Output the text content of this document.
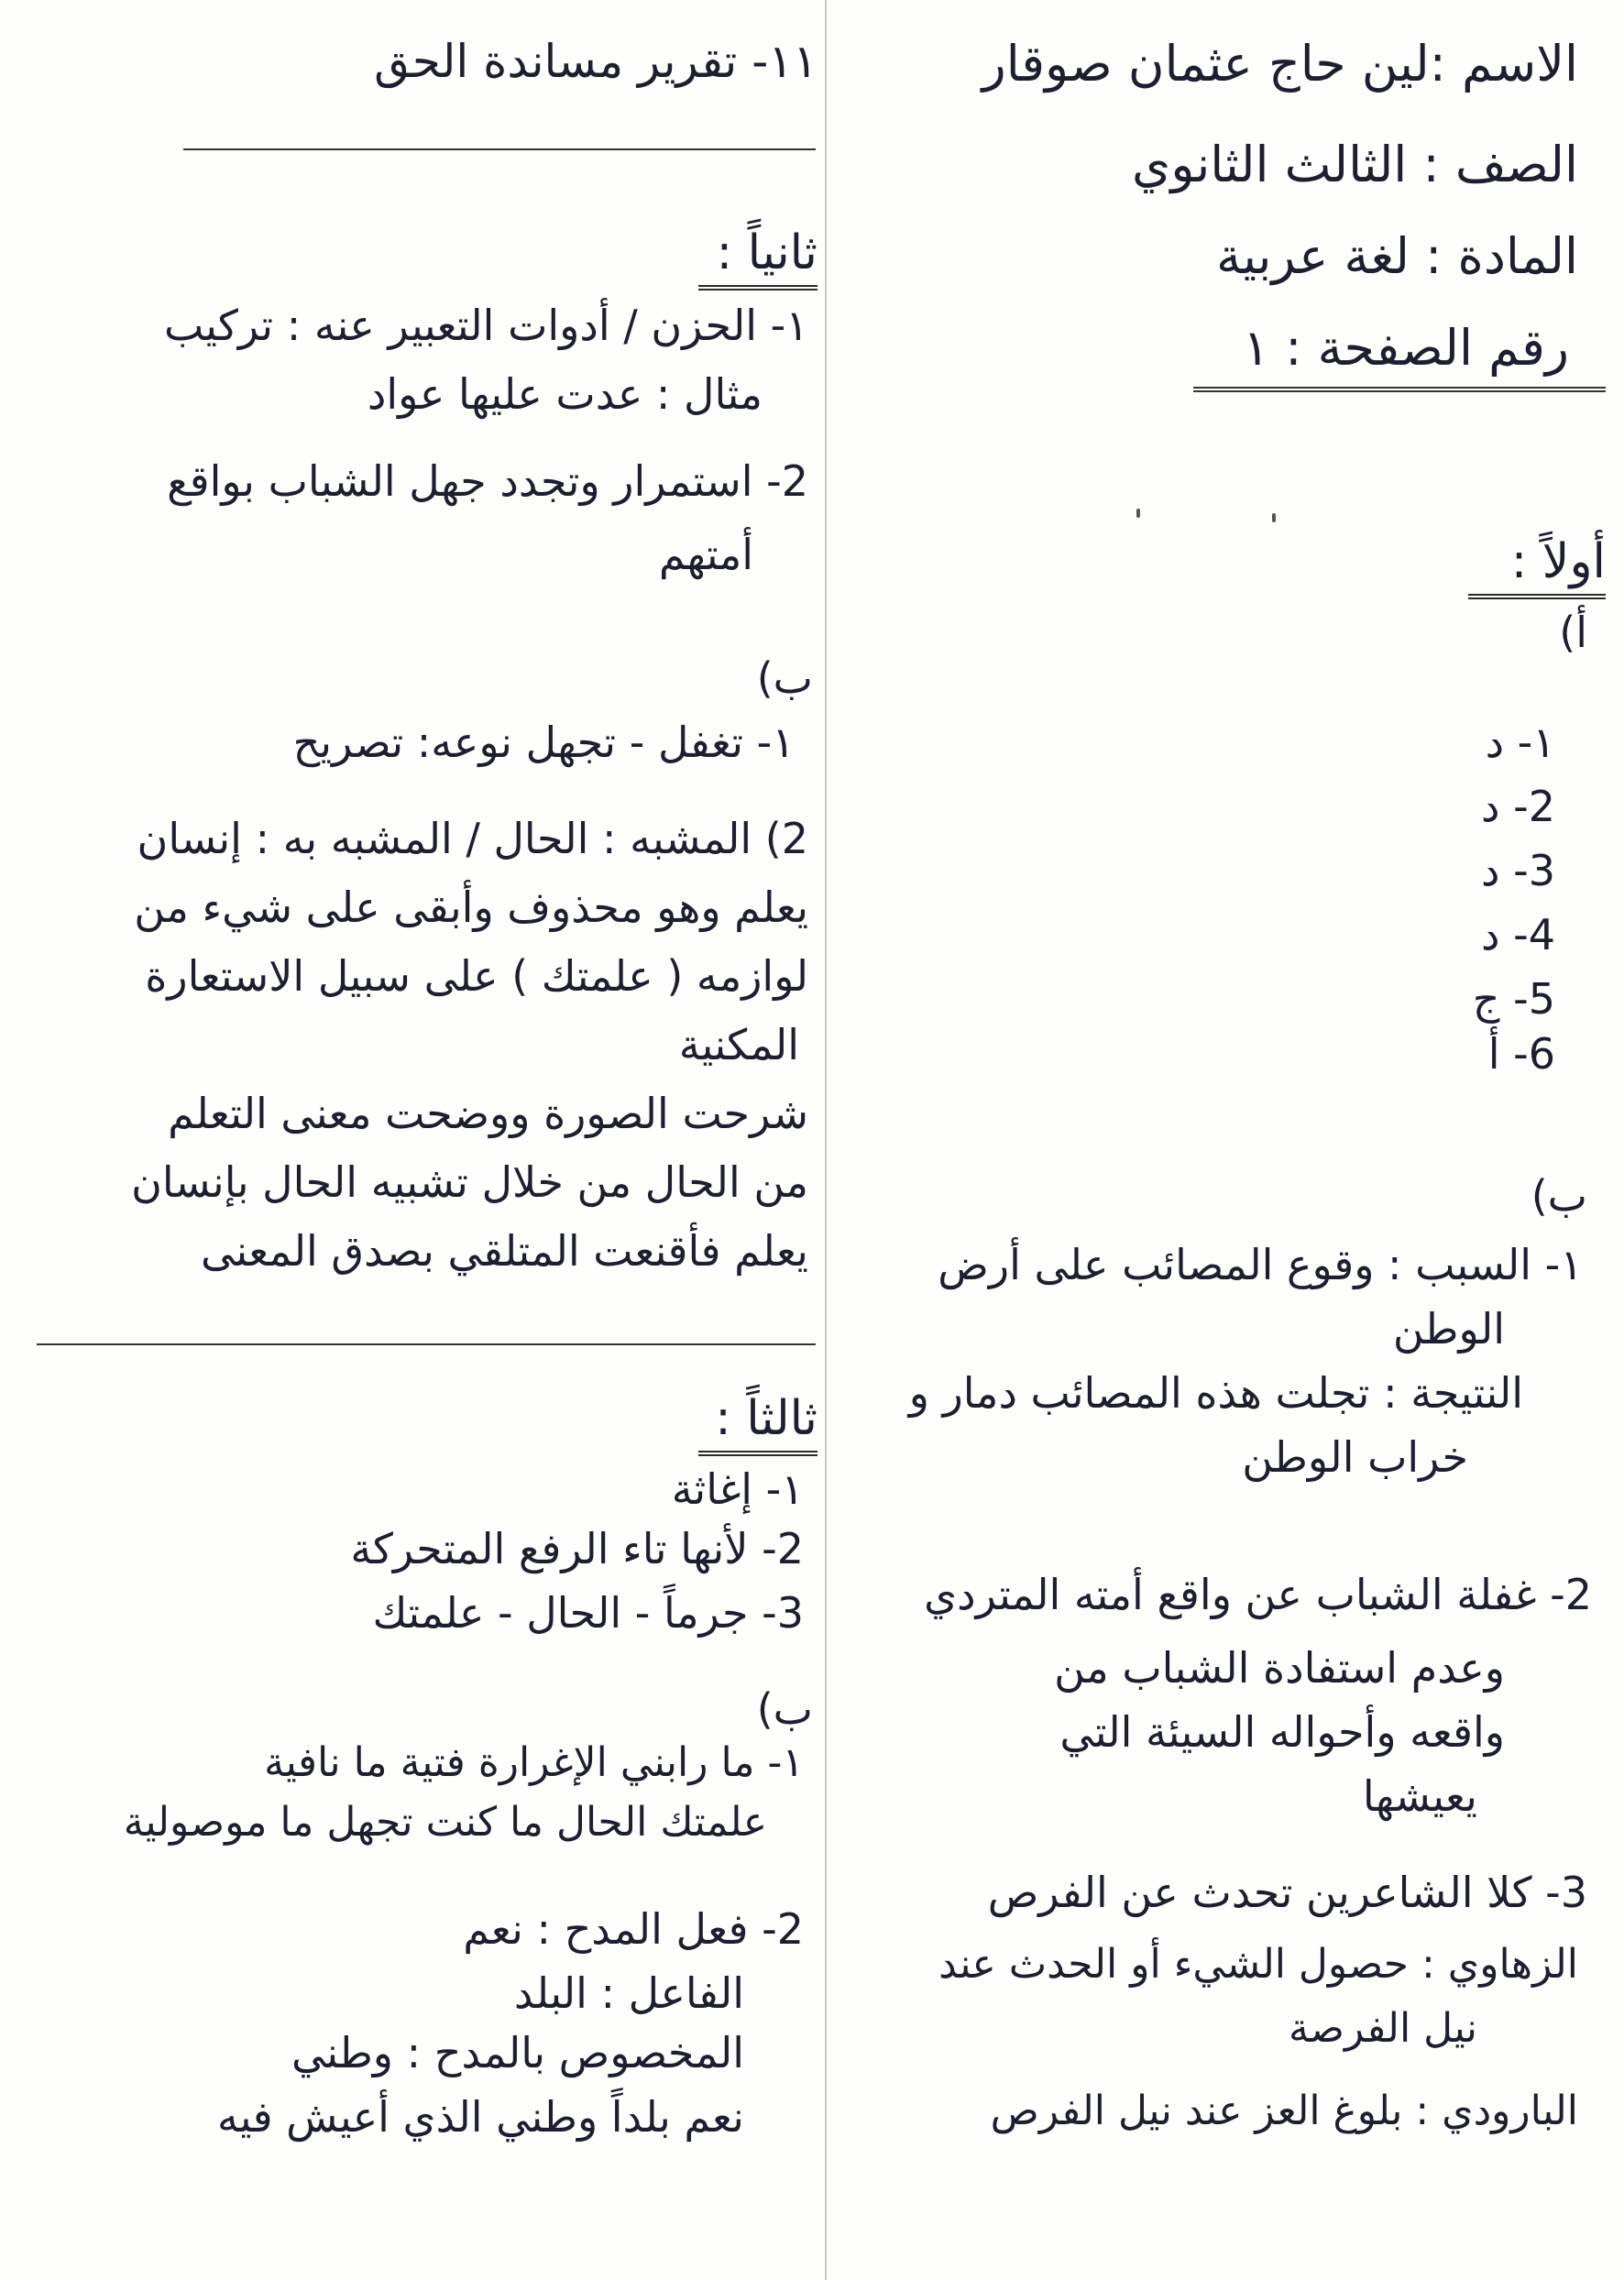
الاسم :لين حاج عثمان صوقار
الصف : الثالث الثانوي
المادة : لغة عربية
رقم الصفحة : ١
أولاً :
أ)
١- د
2- د
3- د
4- د
5- ج
6- أ
ب)
١- السبب : وقوع المصائب على أرض
الوطن
النتيجة : تجلت هذه المصائب دمار و
خراب الوطن
2- غفلة الشباب عن واقع أمته المتردي
وعدم استفادة الشباب من
واقعه وأحواله السيئة التي
يعيشها
3- كلا الشاعرين تحدث عن الفرص
الزهاوي : حصول الشيء أو الحدث عند
نيل الفرصة
البارودي : بلوغ العز عند نيل الفرص
١١- تقرير مساندة الحق
ثانياً :
١- الحزن / أدوات التعبير عنه : تركيب
مثال : عدت عليها عواد
2- استمرار وتجدد جهل الشباب بواقع
أمتهم
ب)
١- تغفل - تجهل نوعه: تصريح
2) المشبه : الحال / المشبه به : إنسان
يعلم وهو محذوف وأبقى على شيء من
لوازمه ( علمتك ) على سبيل الاستعارة
المكنية
شرحت الصورة ووضحت معنى التعلم
من الحال من خلال تشبيه الحال بإنسان
يعلم فأقنعت المتلقي بصدق المعنى
ثالثاً :
١- إغاثة
2- لأنها تاء الرفع المتحركة
3- جرماً - الحال - علمتك
ب)
١- ما رابني الإغرارة فتية ما نافية
علمتك الحال ما كنت تجهل ما موصولية
2- فعل المدح : نعم
الفاعل : البلد
المخصوص بالمدح : وطني
نعم بلداً وطني الذي أعيش فيه
